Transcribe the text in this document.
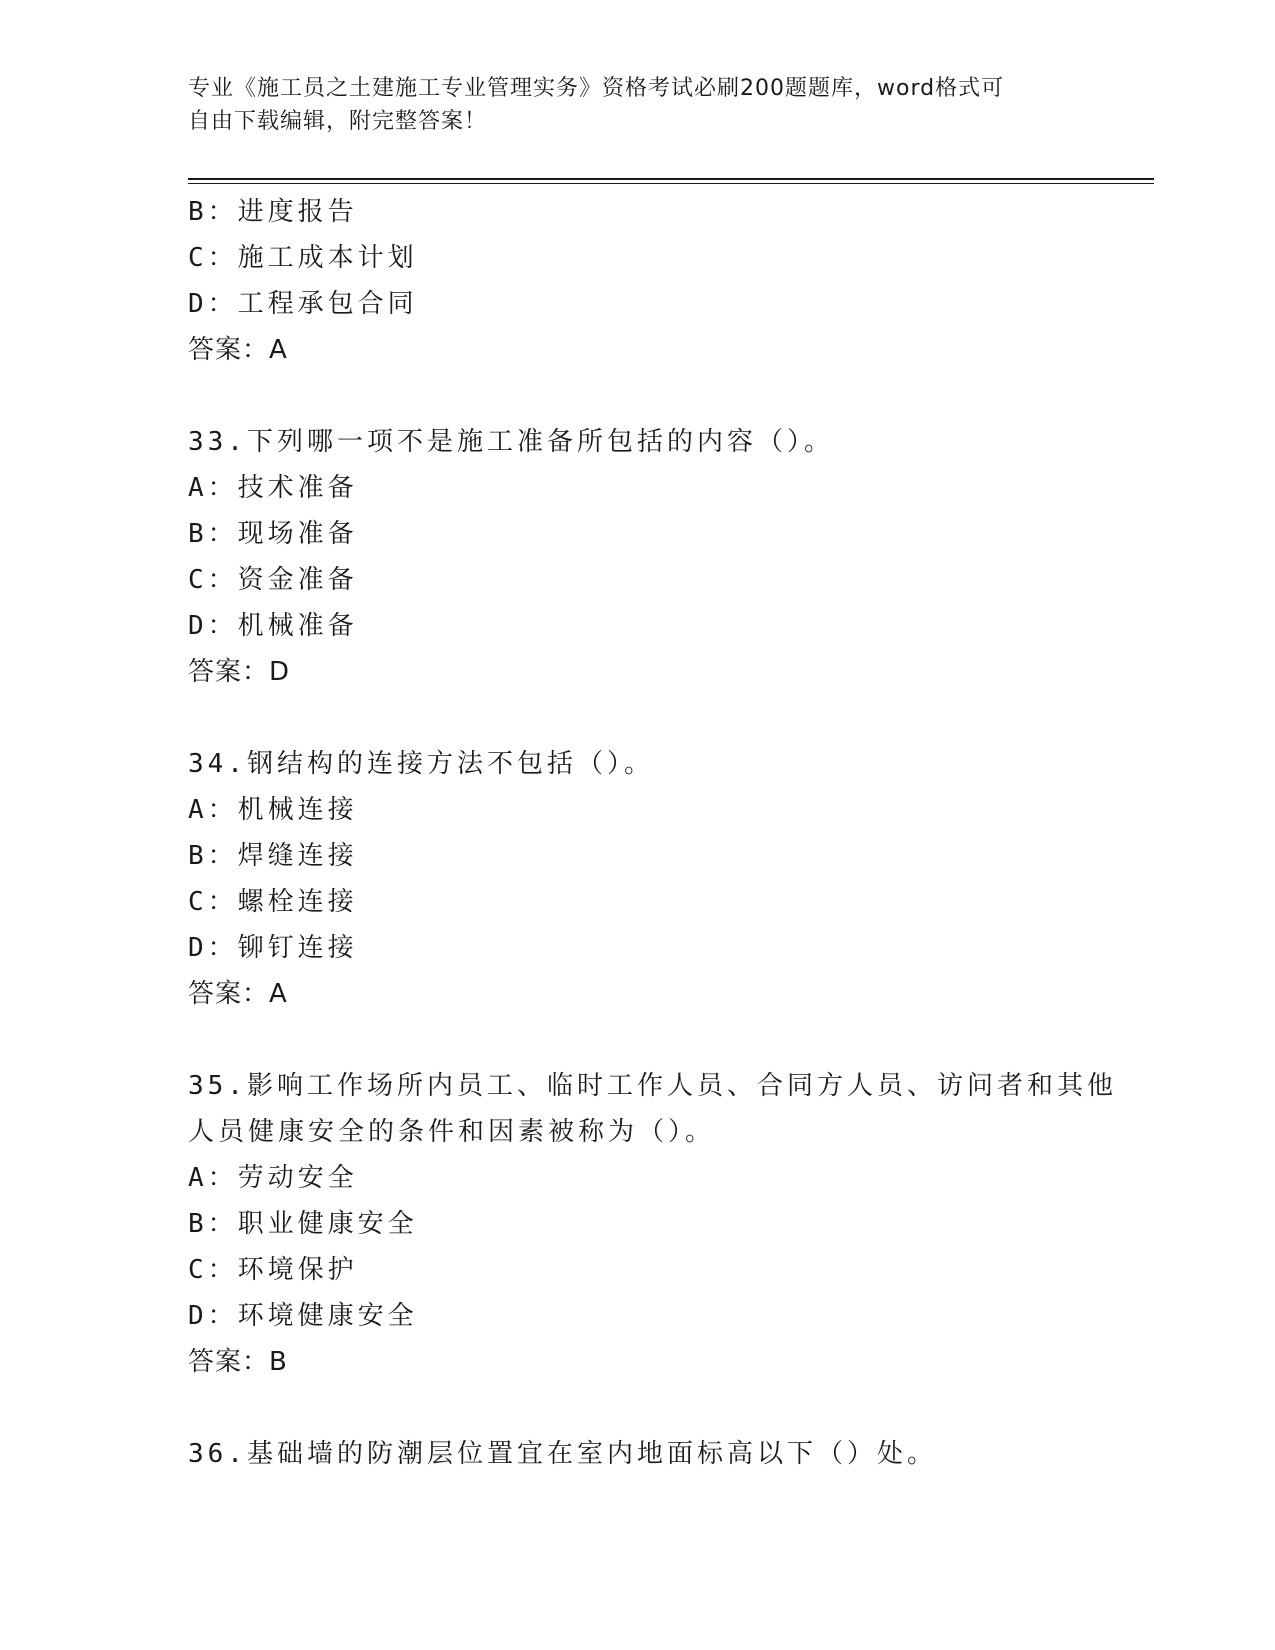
专业《施工员之土建施工专业管理实务》资格考试必刷200题题库，word格式可
自由下载编辑，附完整答案！
B：进度报告
C：施工成本计划
D：工程承包合同
答案：A
33.下列哪一项不是施工准备所包括的内容（）。
A：技术准备
B：现场准备
C：资金准备
D：机械准备
答案：D
34.钢结构的连接方法不包括（）。
A：机械连接
B：焊缝连接
C：螺栓连接
D：铆钉连接
答案：A
35.影响工作场所内员工、临时工作人员、合同方人员、访问者和其他
人员健康安全的条件和因素被称为（）。
A：劳动安全
B：职业健康安全
C：环境保护
D：环境健康安全
答案：B
36.基础墙的防潮层位置宜在室内地面标高以下（）处。
